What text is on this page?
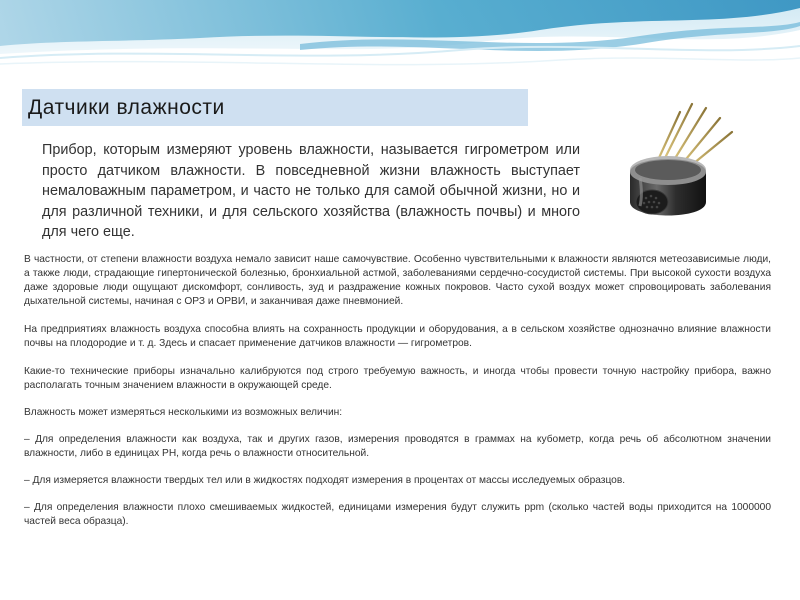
Датчики влажности
Прибор, которым измеряют уровень влажности, называется гигрометром или просто датчиком влажности. В повседневной жизни влажность выступает немаловажным параметром, и часто не только для самой обычной жизни, но и для различной техники, и для сельского хозяйства (влажность почвы) и много для чего еще.

В частности, от степени влажности воздуха немало зависит наше самочувствие. Особенно чувствительными к влажности являются метеозависимые люди, а также люди, страдающие гипертонической болезнью, бронхиальной астмой, заболеваниями сердечно-сосудистой системы. При высокой сухости воздуха даже здоровые люди ощущают дискомфорт, сонливость, зуд и раздражение кожных покровов. Часто сухой воздух может спровоцировать заболевания дыхательной системы, начиная с ОРЗ и ОРВИ, и заканчивая даже пневмонией.

На предприятиях влажность воздуха способна влиять на сохранность продукции и оборудования, а в сельском хозяйстве однозначно влияние влажности почвы на плодородие и т. д. Здесь и спасает применение датчиков влажности — гигрометров.

Какие-то технические приборы изначально калибруются под строго требуемую важность, и иногда чтобы провести точную настройку прибора, важно располагать точным значением влажности в окружающей среде.

Влажность может измеряться несколькими из возможных величин:

– Для определения влажности как воздуха, так и других газов, измерения проводятся в граммах на кубометр, когда речь об абсолютном значении влажности, либо в единицах РН, когда речь о влажности относительной.

– Для измеряется влажности твердых тел или в жидкостях подходят измерения в процентах от массы исследуемых образцов.

– Для определения влажности плохо смешиваемых жидкостей, единицами измерения будут служить ppm (сколько частей воды приходится на 1000000 частей веса образца).
